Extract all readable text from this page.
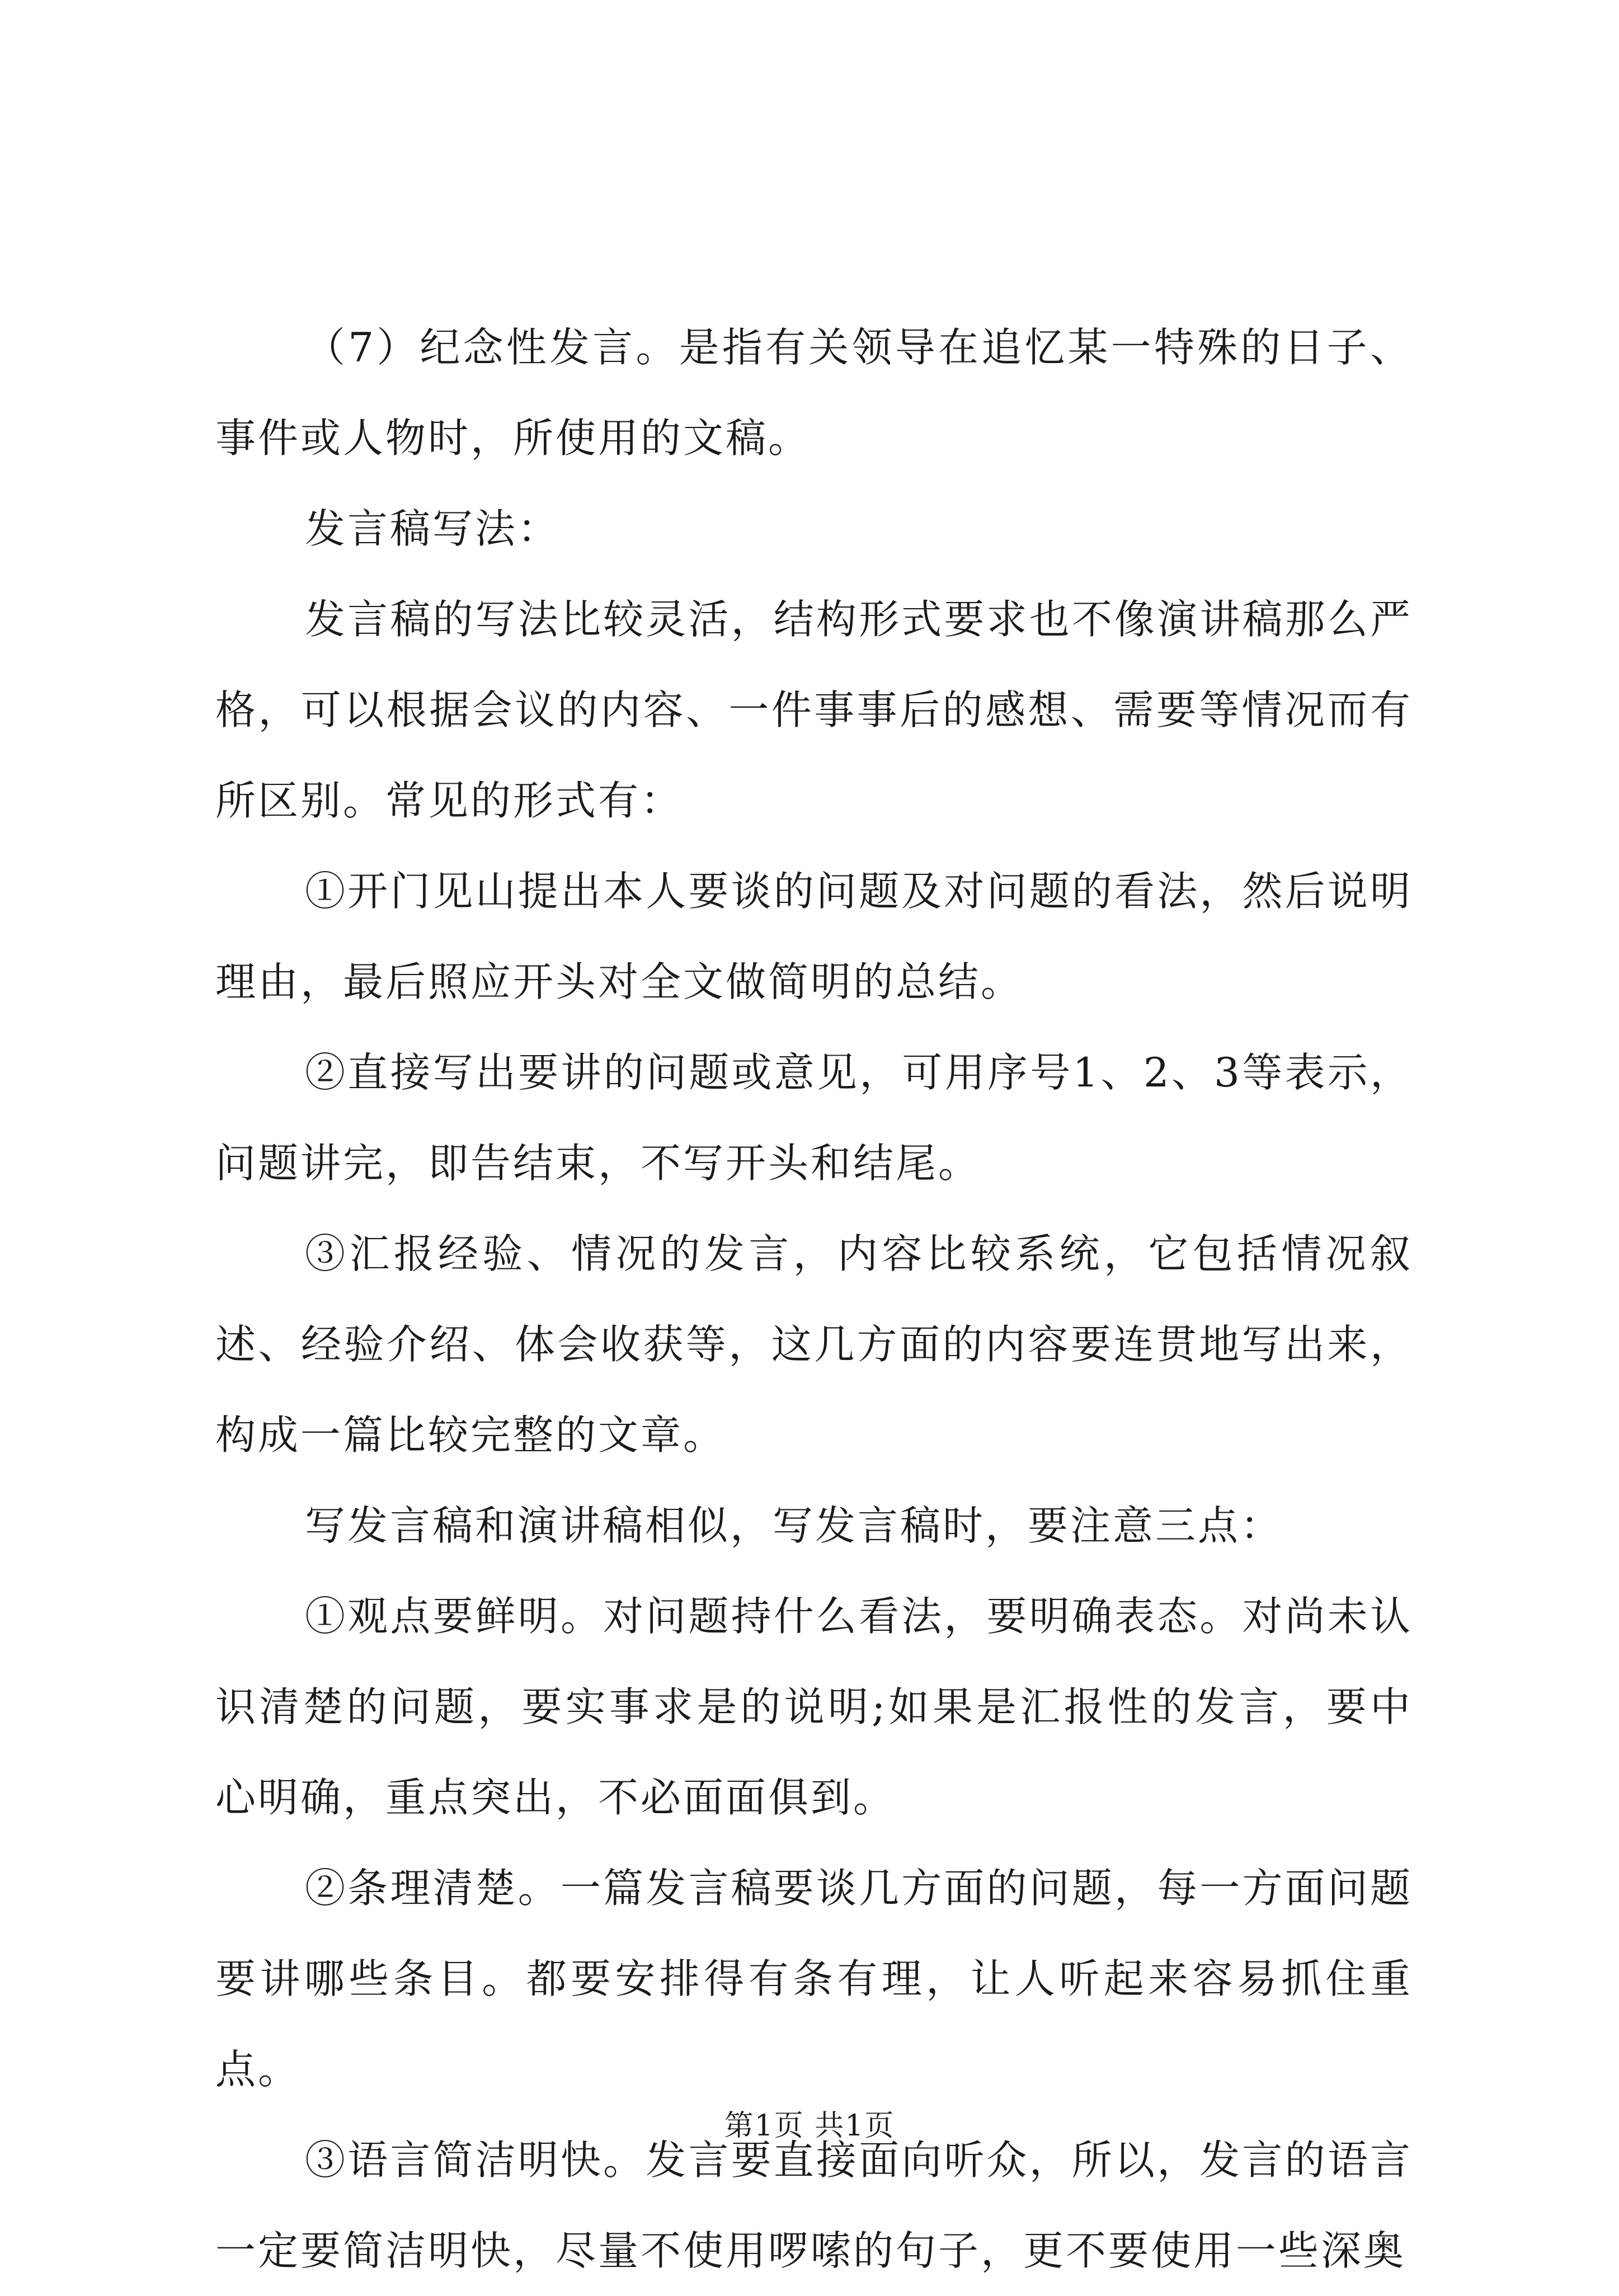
（7）纪念性发言。是指有关领导在追忆某一特殊的日子、事件或人物时，所使用的文稿。

发言稿写法：

发言稿的写法比较灵活，结构形式要求也不像演讲稿那么严格，可以根据会议的内容、一件事事后的感想、需要等情况而有所区别。常见的形式有：

①开门见山提出本人要谈的问题及对问题的看法，然后说明理由，最后照应开头对全文做简明的总结。

②直接写出要讲的问题或意见，可用序号1、2、3等表示，问题讲完，即告结束，不写开头和结尾。

③汇报经验、情况的发言，内容比较系统，它包括情况叙述、经验介绍、体会收获等，这几方面的内容要连贯地写出来，构成一篇比较完整的文章。

写发言稿和演讲稿相似，写发言稿时，要注意三点：

①观点要鲜明。对问题持什么看法，要明确表态。对尚未认识清楚的问题，要实事求是的说明;如果是汇报性的发言，要中心明确，重点突出，不必面面俱到。

②条理清楚。一篇发言稿要谈几方面的问题，每一方面问题要讲哪些条目。都要安排得有条有理，让人听起来容易抓住重点。

③语言简洁明快。发言要直接面向听众，所以，发言的语言一定要简洁明快，尽量不使用啰嗦的句子，更不要使用一些深奥

第1页 共1页
